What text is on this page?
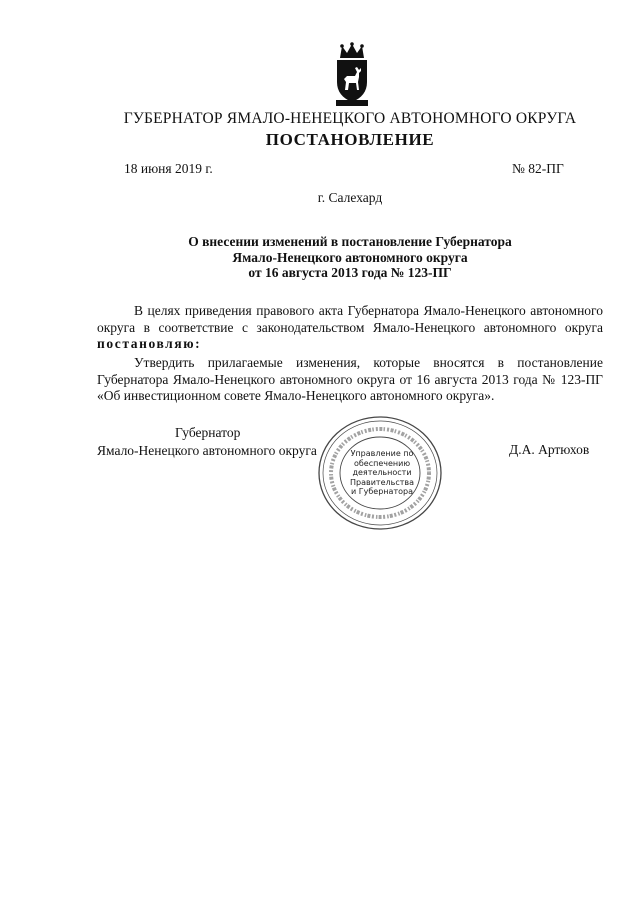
ГУБЕРНАТОР ЯМАЛО-НЕНЕЦКОГО АВТОНОМНОГО ОКРУГА
ПОСТАНОВЛЕНИЕ
18 июня 2019 г.	№ 82-ПГ
г. Салехард
О внесении изменений в постановление Губернатора
Ямало-Ненецкого автономного округа
от 16 августа 2013 года № 123-ПГ
В целях приведения правового акта Губернатора Ямало-Ненецкого автономного округа в соответствие с законодательством Ямало-Ненецкого автономного округа постановляю:
Утвердить прилагаемые изменения, которые вносятся в постановление Губернатора Ямало-Ненецкого автономного округа от 16 августа 2013 года № 123-ПГ «Об инвестиционном совете Ямало-Ненецкого автономного округа».
Управление по
обеспечению
деятельности
Правительства
и Губернатора
Губернатор
Ямало-Ненецкого автономного округа	Д.А. Артюхов
